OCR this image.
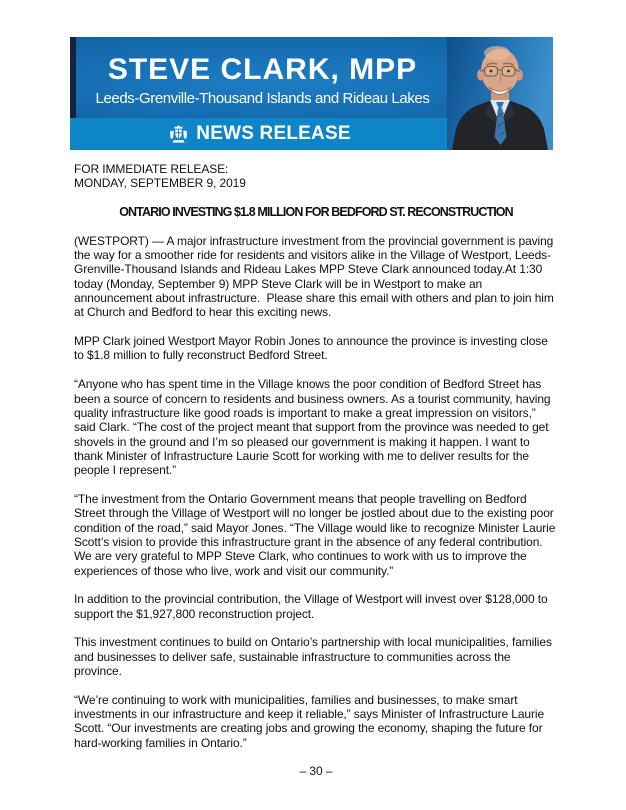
STEVE CLARK, MPP
Leeds-Grenville-Thousand Islands and Rideau Lakes
NEWS RELEASE
FOR IMMEDIATE RELEASE:
MONDAY, SEPTEMBER 9, 2019
ONTARIO INVESTING $1.8 MILLION FOR BEDFORD ST. RECONSTRUCTION

(WESTPORT) — A major infrastructure investment from the provincial government is paving the way for a smoother ride for residents and visitors alike in the Village of Westport, Leeds-Grenville-Thousand Islands and Rideau Lakes MPP Steve Clark announced today.At 1:30 today (Monday, September 9) MPP Steve Clark will be in Westport to make an announcement about infrastructure.  Please share this email with others and plan to join him at Church and Bedford to hear this exciting news.

MPP Clark joined Westport Mayor Robin Jones to announce the province is investing close to $1.8 million to fully reconstruct Bedford Street.

“Anyone who has spent time in the Village knows the poor condition of Bedford Street has been a source of concern to residents and business owners. As a tourist community, having quality infrastructure like good roads is important to make a great impression on visitors,” said Clark. “The cost of the project meant that support from the province was needed to get shovels in the ground and I’m so pleased our government is making it happen. I want to thank Minister of Infrastructure Laurie Scott for working with me to deliver results for the people I represent.”

“The investment from the Ontario Government means that people travelling on Bedford Street through the Village of Westport will no longer be jostled about due to the existing poor condition of the road,” said Mayor Jones. “The Village would like to recognize Minister Laurie Scott’s vision to provide this infrastructure grant in the absence of any federal contribution. We are very grateful to MPP Steve Clark, who continues to work with us to improve the experiences of those who live, work and visit our community.”

In addition to the provincial contribution, the Village of Westport will invest over $128,000 to support the $1,927,800 reconstruction project.

This investment continues to build on Ontario’s partnership with local municipalities, families and businesses to deliver safe, sustainable infrastructure to communities across the province.

“We’re continuing to work with municipalities, families and businesses, to make smart investments in our infrastructure and keep it reliable,” says Minister of Infrastructure Laurie Scott. “Our investments are creating jobs and growing the economy, shaping the future for hard-working families in Ontario.”

– 30 –
